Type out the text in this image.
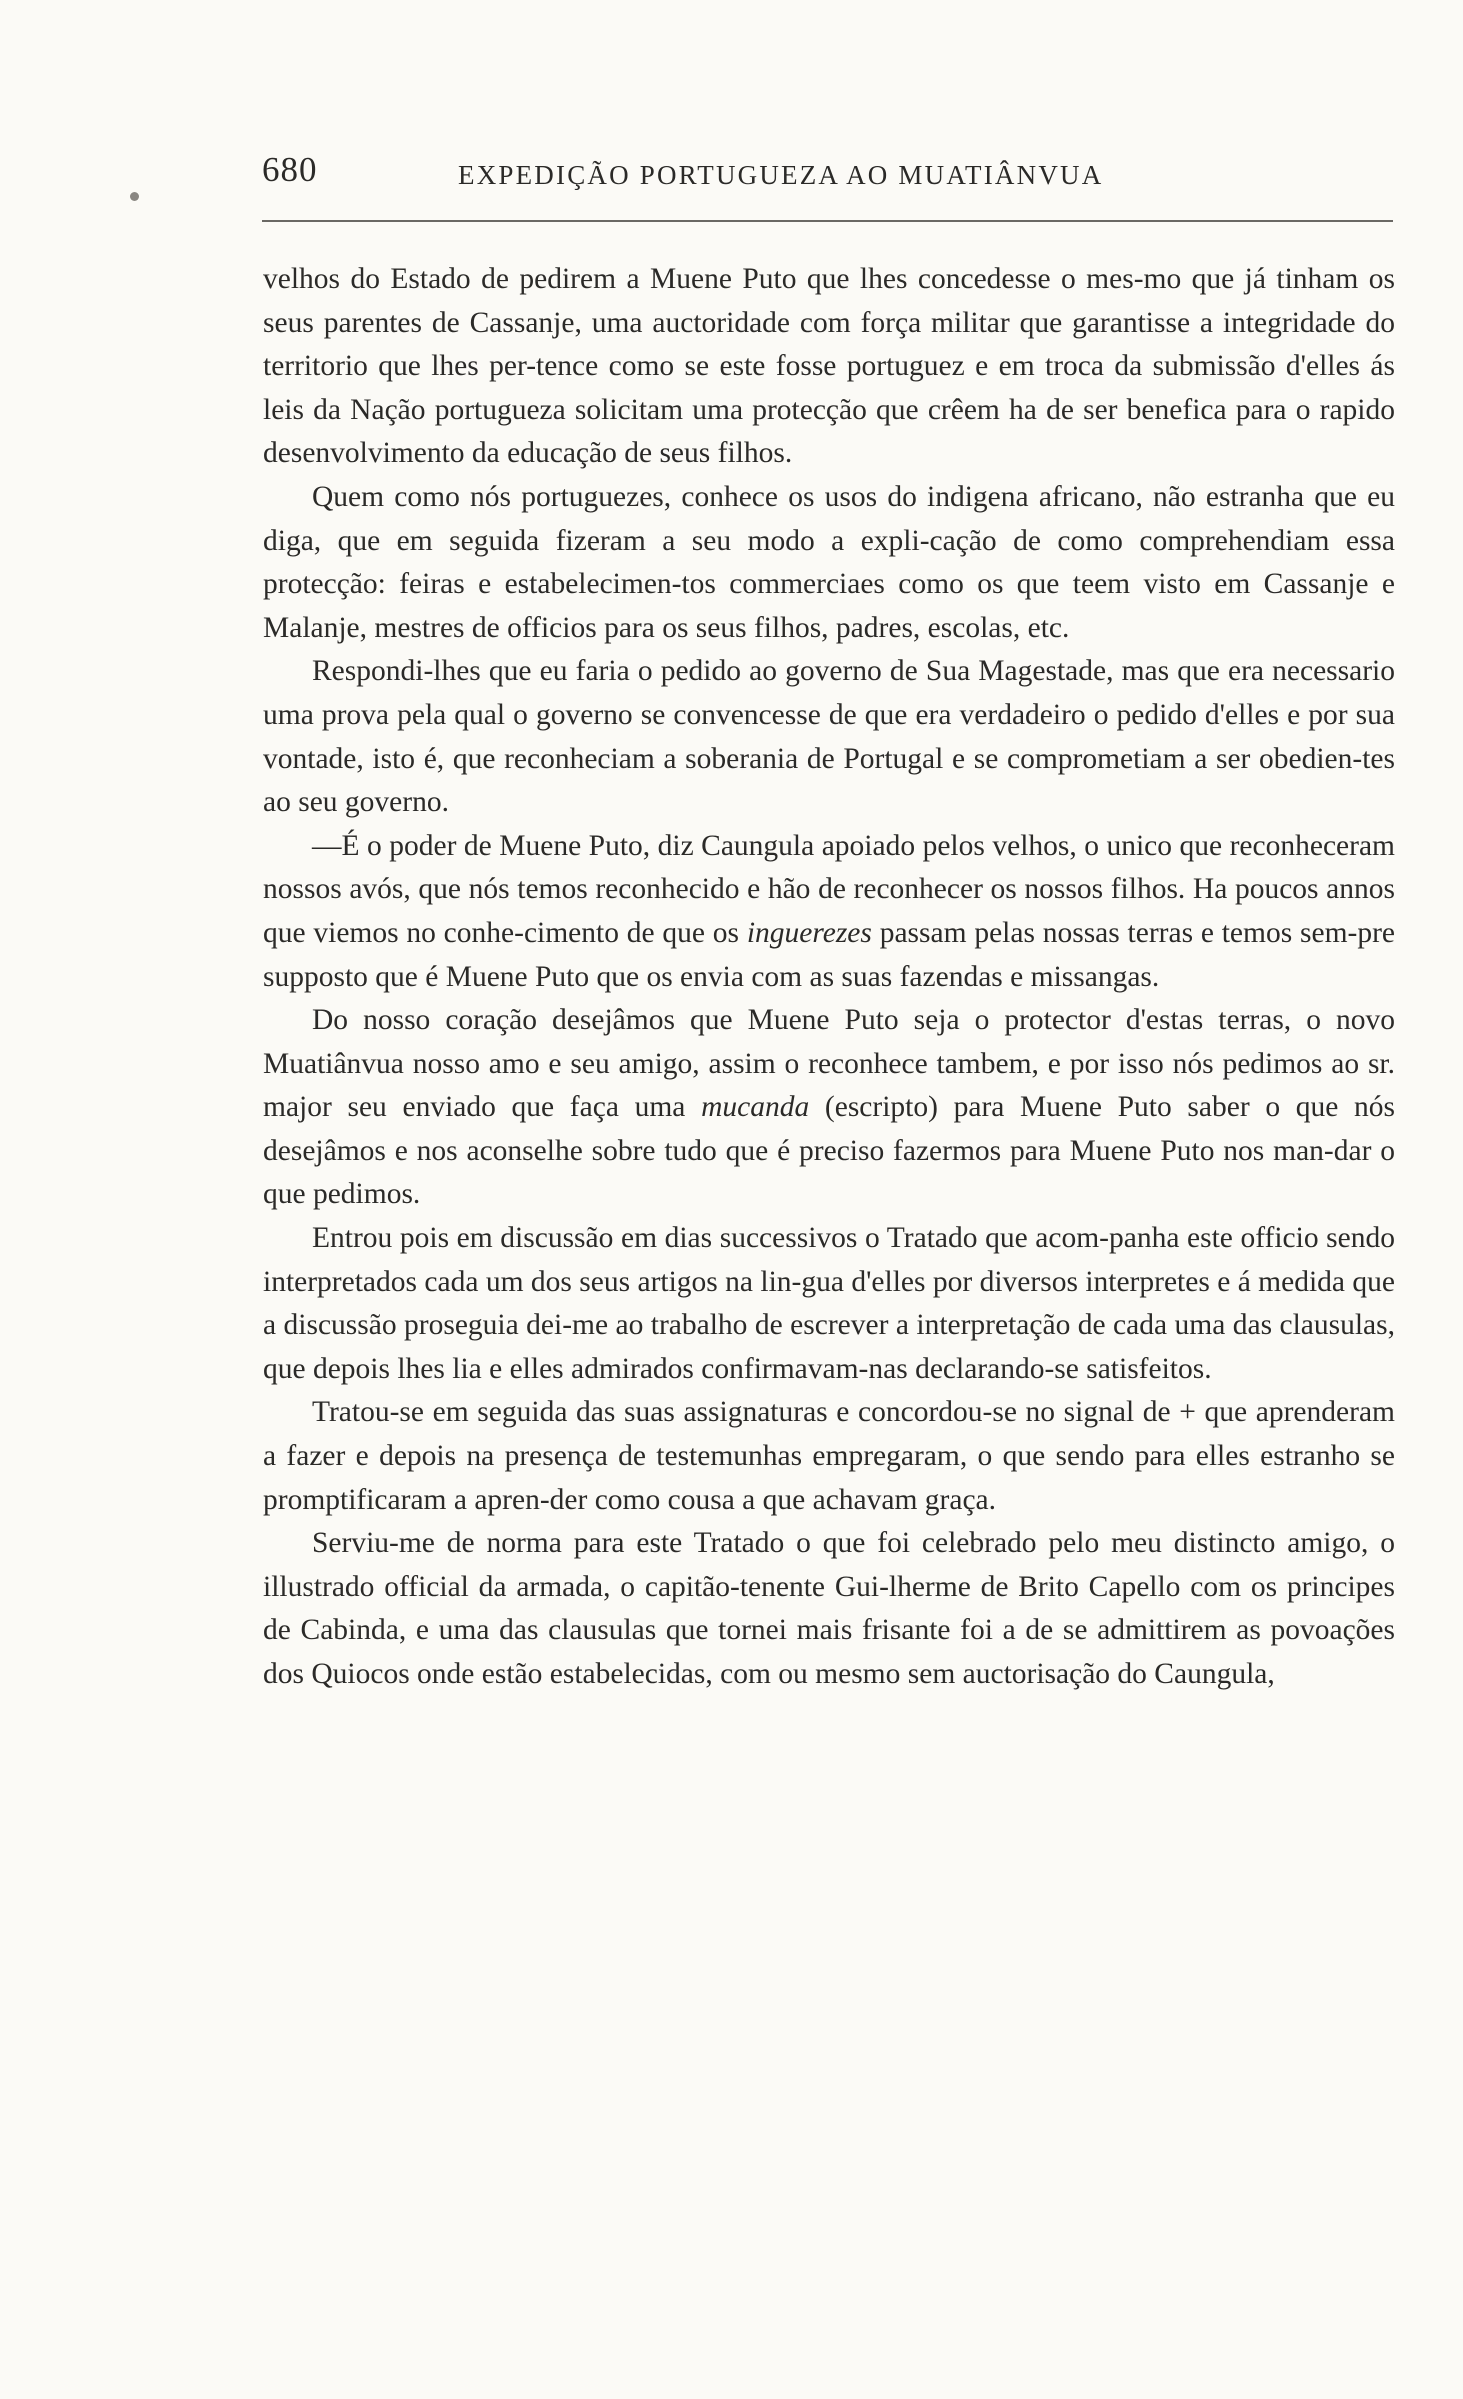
680	EXPEDIÇÃO PORTUGUEZA AO MUATIÂNVUA

velhos do Estado de pedirem a Muene Puto que lhes concedesse o mes-mo que já tinham os seus parentes de Cassanje, uma auctoridade com força militar que garantisse a integridade do territorio que lhes per-tence como se este fosse portuguez e em troca da submissão d'elles ás leis da Nação portugueza solicitam uma protecção que crêem ha de ser benefica para o rapido desenvolvimento da educação de seus filhos.

Quem como nós portuguezes, conhece os usos do indigena africano, não estranha que eu diga, que em seguida fizeram a seu modo a expli-cação de como comprehendiam essa protecção: feiras e estabelecimen-tos commerciaes como os que teem visto em Cassanje e Malanje, mestres de officios para os seus filhos, padres, escolas, etc.

Respondi-lhes que eu faria o pedido ao governo de Sua Magestade, mas que era necessario uma prova pela qual o governo se convencesse de que era verdadeiro o pedido d'elles e por sua vontade, isto é, que reconheciam a soberania de Portugal e se comprometiam a ser obedien-tes ao seu governo.

—É o poder de Muene Puto, diz Caungula apoiado pelos velhos, o unico que reconheceram nossos avós, que nós temos reconhecido e hão de reconhecer os nossos filhos. Ha poucos annos que viemos no conhe-cimento de que os inguerezes passam pelas nossas terras e temos sem-pre supposto que é Muene Puto que os envia com as suas fazendas e missangas.

Do nosso coração desejâmos que Muene Puto seja o protector d'estas terras, o novo Muatiânvua nosso amo e seu amigo, assim o reconhece tambem, e por isso nós pedimos ao sr. major seu enviado que faça uma mucanda (escripto) para Muene Puto saber o que nós desejâmos e nos aconselhe sobre tudo que é preciso fazermos para Muene Puto nos man-dar o que pedimos.

Entrou pois em discussão em dias successivos o Tratado que acom-panha este officio sendo interpretados cada um dos seus artigos na lin-gua d'elles por diversos interpretes e á medida que a discussão proseguia dei-me ao trabalho de escrever a interpretação de cada uma das clausulas, que depois lhes lia e elles admirados confirmavam-nas declarando-se satisfeitos.

Tratou-se em seguida das suas assignaturas e concordou-se no signal de + que aprenderam a fazer e depois na presença de testemunhas empregaram, o que sendo para elles estranho se promptificaram a apren-der como cousa a que achavam graça.

Serviu-me de norma para este Tratado o que foi celebrado pelo meu distincto amigo, o illustrado official da armada, o capitão-tenente Gui-lherme de Brito Capello com os principes de Cabinda, e uma das clausulas que tornei mais frisante foi a de se admittirem as povoações dos Quiocos onde estão estabelecidas, com ou mesmo sem auctorisação do Caungula,
